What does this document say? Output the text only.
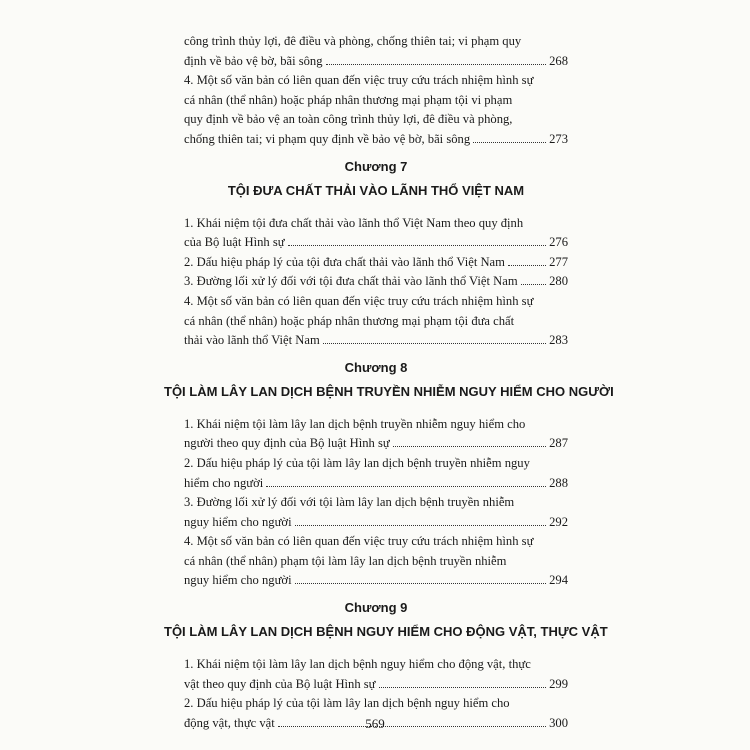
công trình thủy lợi, đê điều và phòng, chống thiên tai; vi phạm quy
định về bảo vệ bờ, bãi sông	268
4. Một số văn bản có liên quan đến việc truy cứu trách nhiệm hình sự
cá nhân (thể nhân) hoặc pháp nhân thương mại phạm tội vi phạm
quy định về bảo vệ an toàn công trình thủy lợi, đê điều và phòng,
chống thiên tai; vi phạm quy định về bảo vệ bờ, bãi sông	273
Chương 7
TỘI ĐƯA CHẤT THẢI VÀO LÃNH THỔ VIỆT NAM
1. Khái niệm tội đưa chất thải vào lãnh thổ Việt Nam theo quy định
của Bộ luật Hình sự	276
2. Dấu hiệu pháp lý của tội đưa chất thải vào lãnh thổ Việt Nam	277
3. Đường lối xử lý đối với tội đưa chất thải vào lãnh thổ Việt Nam 280
4. Một số văn bản có liên quan đến việc truy cứu trách nhiệm hình sự
cá nhân (thể nhân) hoặc pháp nhân thương mại phạm tội đưa chất
thải vào lãnh thổ Việt Nam	283
Chương 8
TỘI LÀM LÂY LAN DỊCH BỆNH TRUYỀN NHIỄM NGUY HIỂM CHO NGƯỜI
1. Khái niệm tội làm lây lan dịch bệnh truyền nhiễm nguy hiểm cho
người theo quy định của Bộ luật Hình sự	287
2. Dấu hiệu pháp lý của tội làm lây lan dịch bệnh truyền nhiễm nguy
hiểm cho người	288
3. Đường lối xử lý đối với tội làm lây lan dịch bệnh truyền nhiễm
nguy hiểm cho người	292
4. Một số văn bản có liên quan đến việc truy cứu trách nhiệm hình sự
cá nhân (thể nhân) phạm tội làm lây lan dịch bệnh truyền nhiễm
nguy hiểm cho người	294
Chương 9
TỘI LÀM LÂY LAN DỊCH BỆNH NGUY HIỂM CHO ĐỘNG VẬT, THỰC VẬT
1. Khái niệm tội làm lây lan dịch bệnh nguy hiểm cho động vật, thực
vật theo quy định của Bộ luật Hình sự	299
2. Dấu hiệu pháp lý của tội làm lây lan dịch bệnh nguy hiểm cho
động vật, thực vật	300
569
